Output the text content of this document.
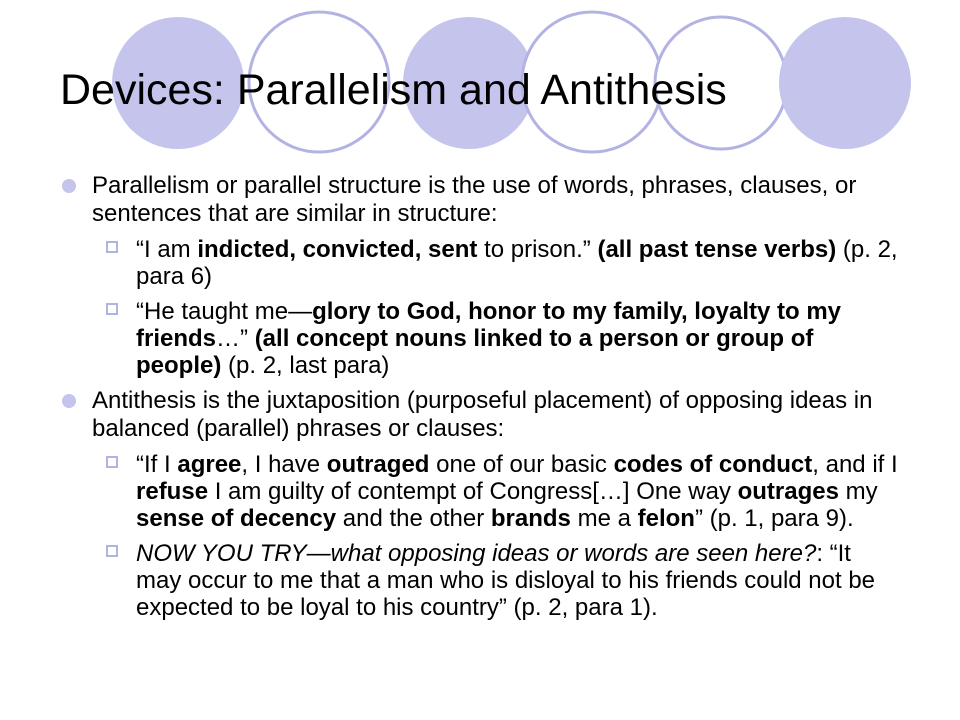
Devices: Parallelism and Antithesis
Parallelism or parallel structure is the use of words, phrases, clauses, or sentences that are similar in structure:
“I am indicted, convicted, sent to prison.” (all past tense verbs) (p. 2, para 6)
“He taught me—glory to God, honor to my family, loyalty to my friends…” (all concept nouns linked to a person or group of people) (p. 2, last para)
Antithesis is the juxtaposition (purposeful placement) of opposing ideas in balanced (parallel) phrases or clauses:
“If I agree, I have outraged one of our basic codes of conduct, and if I refuse I am guilty of contempt of Congress[…] One way outrages my sense of decency and the other brands me a felon” (p. 1, para 9).
NOW YOU TRY—what opposing ideas or words are seen here?: “It may occur to me that a man who is disloyal to his friends could not be expected to be loyal to his country” (p. 2, para 1).
